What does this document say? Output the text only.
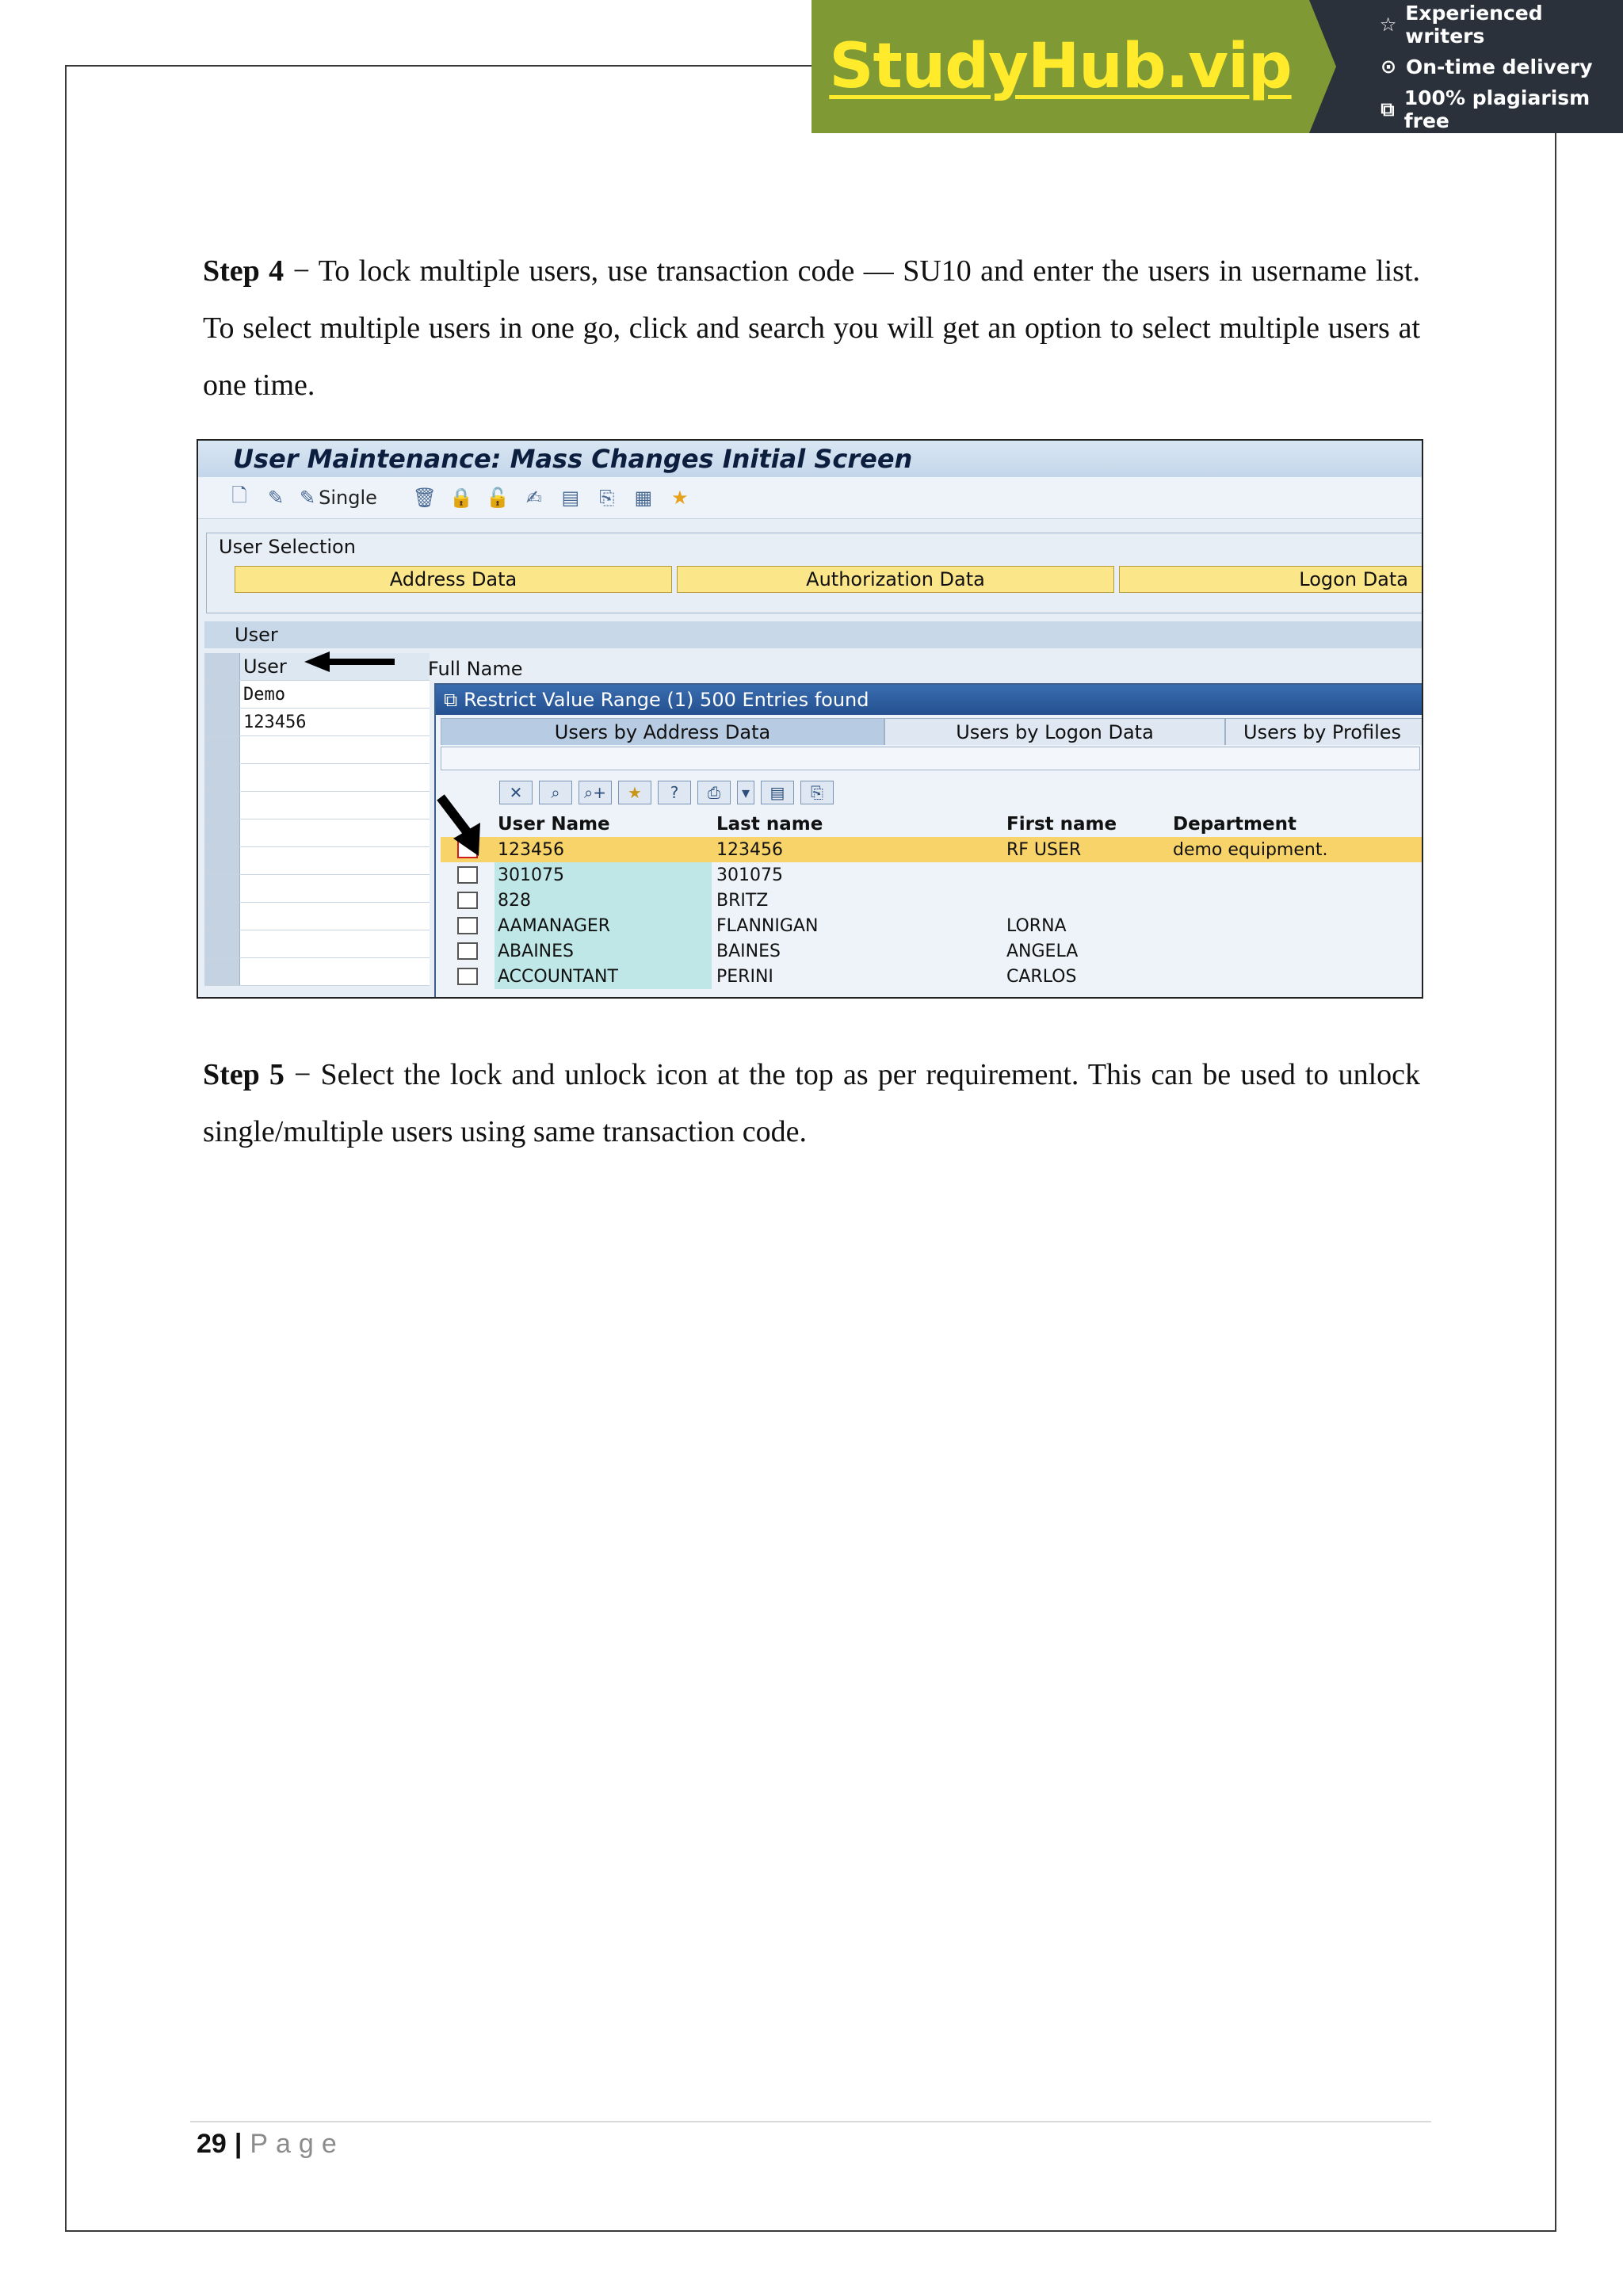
StudyHub.vip
☆ Experienced writers
⊙ On-time delivery
⧉ 100% plagiarism free

Step 4 − To lock multiple users, use transaction code — SU10 and enter the users in username list. To select multiple users in one go, click and search you will get an option to select multiple users at one time.

User Maintenance: Mass Changes Initial Screen
🗋 ✎ ✎ Single 🗑 🔒 🔓 ✍ ▤ ⎘ ▦ ★
User Selection
Address Data	Authorization Data	Logon Data
User
User
Demo
123456
Full Name
⧉ Restrict Value Range (1) 500 Entries found
Users by Address Data	Users by Logon Data	Users by Profiles
✕	⌕	⌕+	★	?	⎙	▾	▤	⎘
User Name	Last name	First name	Department
123456	123456	RF USER	demo equipment.
301075	301075
828	BRITZ
AAMANAGER	FLANNIGAN	LORNA
ABAINES	BAINES	ANGELA
ACCOUNTANT	PERINI	CARLOS

Step 5 − Select the lock and unlock icon at the top as per requirement. This can be used to unlock single/multiple users using same transaction code.

29 | Page
